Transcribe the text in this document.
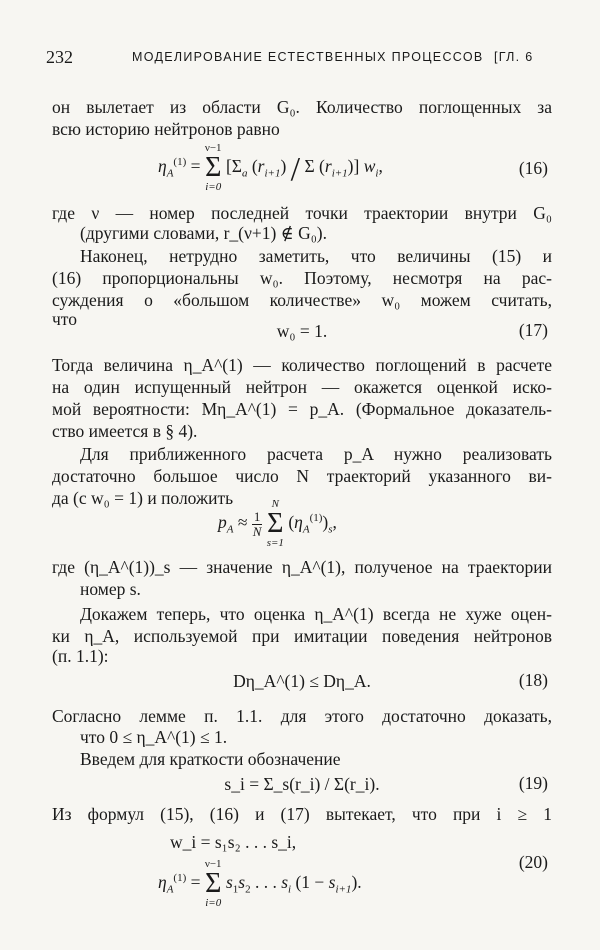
232	МОДЕЛИРОВАНИЕ ЕСТЕСТВЕННЫХ ПРОЦЕССОВ [ГЛ. 6
он вылетает из области G₀. Количество поглощенных за
всю историю нейтронов равно
$\eta_A^{(1)}$ =
ν−1
Σ
i=0
[$\Sigma_a$ $(r_{i+1})$ / Σ $(r_{i+1})$] $w_i$,	(16)
где ν — номер последней точки траектории внутри G₀
(другими словами, r_(ν+1) ∉ G₀).
Наконец, нетрудно заметить, что величины (15) и
(16) пропорциональны w₀. Поэтому, несмотря на рас-
суждения о «большом количестве» w₀ можем считать,
что
w₀ = 1.	(17)
Тогда величина η_A^(1) — количество поглощений в расчете
на один испущенный нейтрон — окажется оценкой иско-
мой вероятности: Mη_A^(1) = p_A. (Формальное доказатель-
ство имеется в § 4).
Для приближенного расчета p_A нужно реализовать
достаточно большое число N траекторий указанного ви-
да (с w₀ = 1) и положить
$p_A \approx \frac{1}{N}$

N
Σ
s=1
$(\eta_A^{(1)})_s$,
где (η_A^(1))_s — значение η_A^(1), полученое на траектории
номер s.
Докажем теперь, что оценка η_A^(1) всегда не хуже оцен-
ки η_A, используемой при имитации поведения нейтронов
(п. 1.1):
Dη_A^(1) ≤ Dη_A.	(18)
Согласно лемме п. 1.1. для этого достаточно доказать,
что 0 ≤ η_A^(1) ≤ 1.
Введем для краткости обозначение
s_i = Σ_s(r_i) / Σ(r_i).	(19)
Из формул (15), (16) и (17) вытекает, что при i ≥ 1
w_i = s₁s₂ . . . s_i,
$\eta_A^{(1)}$ =
ν−1
Σ
i=0
$s_1s_2$ . . . $s_i$ $(1 - s_{i+1})$.
(20)
